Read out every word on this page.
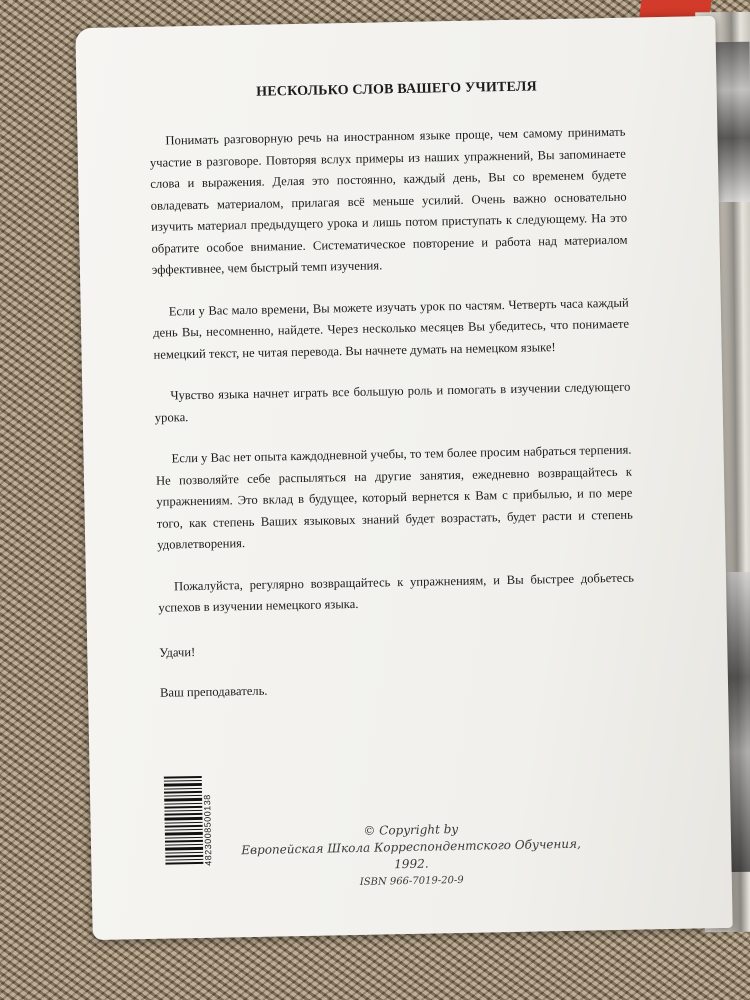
НЕСКОЛЬКО СЛОВ ВАШЕГО УЧИТЕЛЯ

Понимать разговорную речь на иностранном языке проще, чем самому принимать участие в разговоре. Повторяя вслух примеры из наших упражнений, Вы запоминаете слова и выражения. Делая это постоянно, каждый день, Вы со временем будете овладевать материалом, прилагая всё меньше усилий. Очень важно основательно изучить материал предыдущего урока и лишь потом приступать к следующему. На это обратите особое внимание. Систематическое повторение и работа над материалом эффективнее, чем быстрый темп изучения.

Если у Вас мало времени, Вы можете изучать урок по частям. Четверть часа каждый день Вы, несомненно, найдете. Через несколько месяцев Вы убедитесь, что понимаете немецкий текст, не читая перевода. Вы начнете думать на немецком языке!

Чувство языка начнет играть все большую роль и помогать в изучении следующего урока.

Если у Вас нет опыта каждодневной учебы, то тем более просим набраться терпения. Не позволяйте себе распыляться на другие занятия, ежедневно возвращайтесь к упражнениям. Это вклад в будущее, который вернется к Вам с прибылью, и по мере того, как степень Ваших языковых знаний будет возрастать, будет расти и степень удовлетворения.

Пожалуйста, регулярно возвращайтесь к упражнениям, и Вы быстрее добьетесь успехов в изучении немецкого языка.

Удачи!
Ваш преподаватель.
4823008500138	© Copyright by
Европейская Школа Корреспондентского Обучения, 1992.
ISBN 966-7019-20-9
